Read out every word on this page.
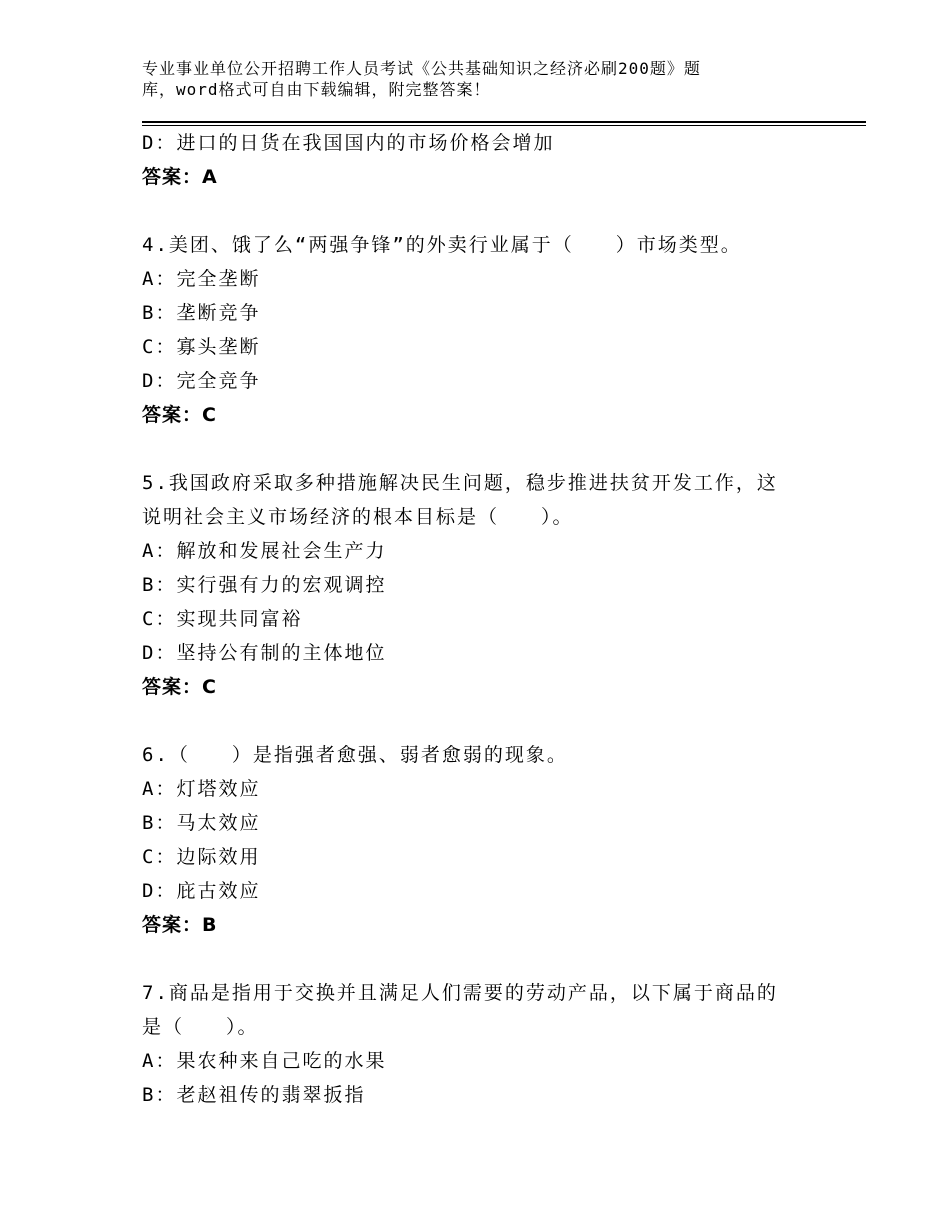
专业事业单位公开招聘工作人员考试《公共基础知识之经济必刷200题》题
库，word格式可自由下载编辑，附完整答案！
D：进口的日货在我国国内的市场价格会增加
答案：A
4.美团、饿了么“两强争锋”的外卖行业属于（　　）市场类型。
A：完全垄断
B：垄断竞争
C：寡头垄断
D：完全竞争
答案：C
5.我国政府采取多种措施解决民生问题，稳步推进扶贫开发工作，这
说明社会主义市场经济的根本目标是（　　）。
A：解放和发展社会生产力
B：实行强有力的宏观调控
C：实现共同富裕
D：坚持公有制的主体地位
答案：C
6.（　　）是指强者愈强、弱者愈弱的现象。
A：灯塔效应
B：马太效应
C：边际效用
D：庇古效应
答案：B
7.商品是指用于交换并且满足人们需要的劳动产品，以下属于商品的
是（　　）。
A：果农种来自己吃的水果
B：老赵祖传的翡翠扳指
